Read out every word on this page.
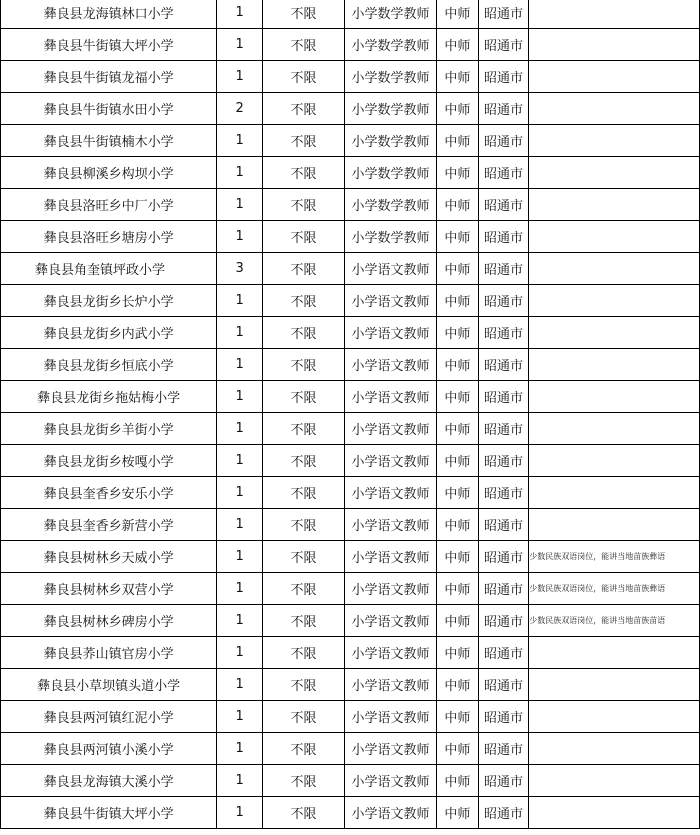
彝良县龙海镇林口小学	1	不限	小学数学教师	中师	昭通市	
彝良县牛街镇大坪小学	1	不限	小学数学教师	中师	昭通市	
彝良县牛街镇龙福小学	1	不限	小学数学教师	中师	昭通市	
彝良县牛街镇水田小学	2	不限	小学数学教师	中师	昭通市	
彝良县牛街镇楠木小学	1	不限	小学数学教师	中师	昭通市	
彝良县柳溪乡构坝小学	1	不限	小学数学教师	中师	昭通市	
彝良县洛旺乡中厂小学	1	不限	小学数学教师	中师	昭通市	
彝良县洛旺乡塘房小学	1	不限	小学数学教师	中师	昭通市	
彝良县角奎镇坪政小学	3	不限	小学语文教师	中师	昭通市	
彝良县龙街乡长炉小学	1	不限	小学语文教师	中师	昭通市	
彝良县龙街乡内武小学	1	不限	小学语文教师	中师	昭通市	
彝良县龙街乡恒底小学	1	不限	小学语文教师	中师	昭通市	
彝良县龙街乡拖姑梅小学	1	不限	小学语文教师	中师	昭通市	
彝良县龙街乡羊街小学	1	不限	小学语文教师	中师	昭通市	
彝良县龙街乡桉嘎小学	1	不限	小学语文教师	中师	昭通市	
彝良县奎香乡安乐小学	1	不限	小学语文教师	中师	昭通市	
彝良县奎香乡新营小学	1	不限	小学语文教师	中师	昭通市	
彝良县树林乡天威小学	1	不限	小学语文教师	中师	昭通市	少数民族双语岗位，能讲当地苗族彝语
彝良县树林乡双营小学	1	不限	小学语文教师	中师	昭通市	少数民族双语岗位，能讲当地苗族彝语
彝良县树林乡碑房小学	1	不限	小学语文教师	中师	昭通市	少数民族双语岗位，能讲当地苗族苗语
彝良县荞山镇官房小学	1	不限	小学语文教师	中师	昭通市	
彝良县小草坝镇头道小学	1	不限	小学语文教师	中师	昭通市	
彝良县两河镇红泥小学	1	不限	小学语文教师	中师	昭通市	
彝良县两河镇小溪小学	1	不限	小学语文教师	中师	昭通市	
彝良县龙海镇大溪小学	1	不限	小学语文教师	中师	昭通市	
彝良县牛街镇大坪小学	1	不限	小学语文教师	中师	昭通市	
